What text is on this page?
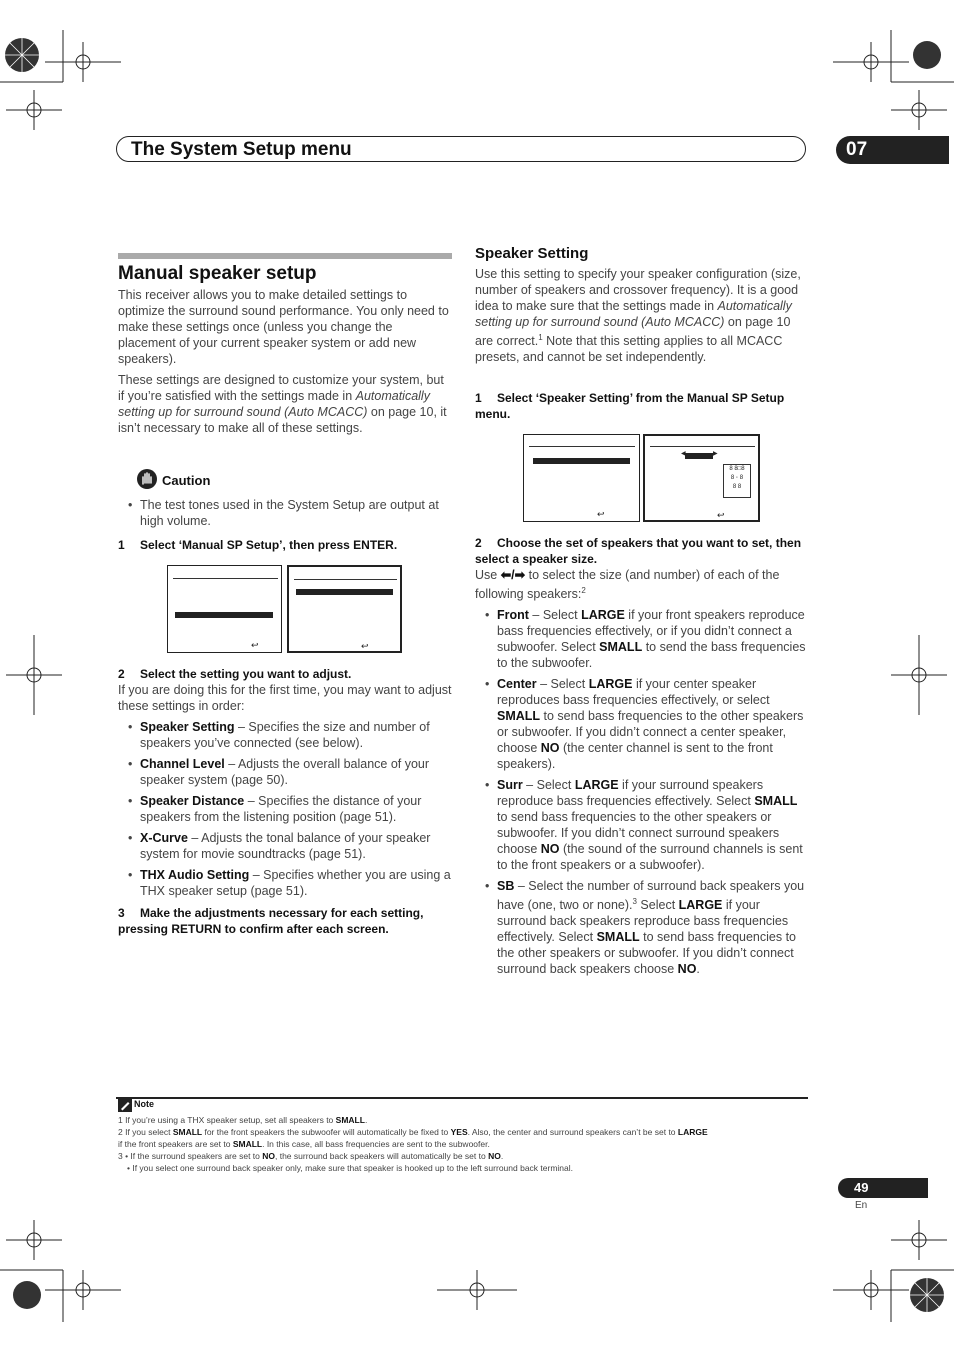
The System Setup menu	07
Manual speaker setup

This receiver allows you to make detailed settings to optimize the surround sound performance. You only need to make these settings once (unless you change the placement of your current speaker system or add new speakers).

These settings are designed to customize your system, but if you’re satisfied with the settings made in Automatically setting up for surround sound (Auto MCACC) on page 10, it isn’t necessary to make all of these settings.

Caution
• The test tones used in the System Setup are output at high volume.

1 Select ‘Manual SP Setup’, then press ENTER.

↩	↩

2 Select the setting you want to adjust.

If you are doing this for the first time, you may want to adjust these settings in order:

• Speaker Setting – Specifies the size and number of speakers you’ve connected (see below).
• Channel Level – Adjusts the overall balance of your speaker system (page 50).
• Speaker Distance – Specifies the distance of your speakers from the listening position (page 51).
• X-Curve – Adjusts the tonal balance of your speaker system for movie soundtracks (page 51).
• THX Audio Setting – Specifies whether you are using a THX speaker setup (page 51).

3 Make the adjustments necessary for each setting, pressing RETURN to confirm after each screen.

Speaker Setting

Use this setting to specify your speaker configuration (size, number of speakers and crossover frequency). It is a good idea to make sure that the settings made in Automatically setting up for surround sound (Auto MCACC) on page 10 are correct.$^1$ Note that this setting applies to all MCACC presets, and cannot be set independently.

1 Select ‘Speaker Setting’ from the Manual SP Setup menu.

↩
◀	▶
8 8□8
8 ◦ 8
8 8
↩

2 Choose the set of speakers that you want to set, then select a speaker size.

Use ⬅/➡ to select the size (and number) of each of the following speakers:$^2$

• Front – Select LARGE if your front speakers reproduce bass frequencies effectively, or if you didn’t connect a subwoofer. Select SMALL to send the bass frequencies to the subwoofer.
• Center – Select LARGE if your center speaker reproduces bass frequencies effectively, or select SMALL to send bass frequencies to the other speakers or subwoofer. If you didn’t connect a center speaker, choose NO (the center channel is sent to the front speakers).
• Surr – Select LARGE if your surround speakers reproduce bass frequencies effectively. Select SMALL to send bass frequencies to the other speakers or subwoofer. If you didn’t connect surround speakers choose NO (the sound of the surround channels is sent to the front speakers or a subwoofer).
• SB – Select the number of surround back speakers you have (one, two or none).$^3$ Select LARGE if your surround back speakers reproduce bass frequencies effectively. Select SMALL to send bass frequencies to the other speakers or subwoofer. If you didn’t connect surround back speakers choose NO.
Note

1 If you’re using a THX speaker setup, set all speakers to SMALL.

2 If you select SMALL for the front speakers the subwoofer will automatically be fixed to YES. Also, the center and surround speakers can’t be set to LARGE

if the front speakers are set to SMALL. In this case, all bass frequencies are sent to the subwoofer.

3 • If the surround speakers are set to NO, the surround back speakers will automatically be set to NO.

• If you select one surround back speaker only, make sure that speaker is hooked up to the left surround back terminal.

49
En
